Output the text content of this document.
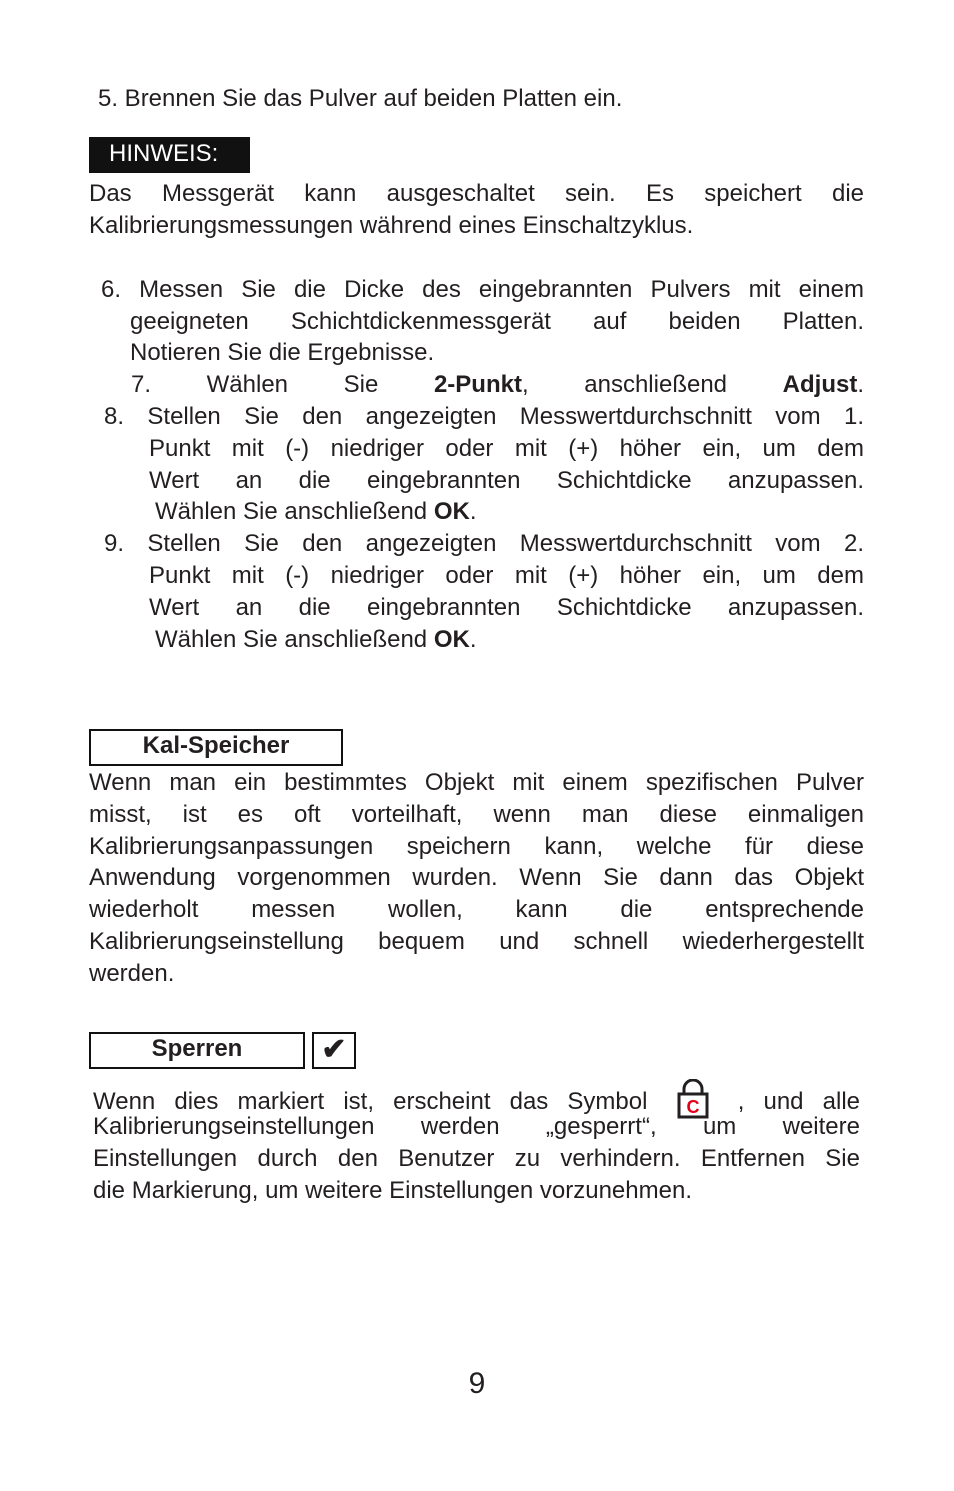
5. Brennen Sie das Pulver auf beiden Platten ein.
HINWEIS:
Das Messgerät kann ausgeschaltet sein. Es speichert die
Kalibrierungsmessungen während eines Einschaltzyklus.
6. Messen Sie die Dicke des eingebrannten Pulvers mit einem
geeigneten Schichtdickenmessgerät auf beiden Platten.
Notieren Sie die Ergebnisse.
7. Wählen Sie 2-Punkt, anschließend Adjust.
8. Stellen Sie den angezeigten Messwertdurchschnitt vom 1.
Punkt mit (-) niedriger oder mit (+) höher ein, um dem
Wert an die eingebrannten Schichtdicke anzupassen.
Wählen Sie anschließend OK.
9. Stellen Sie den angezeigten Messwertdurchschnitt vom 2.
Punkt mit (-) niedriger oder mit (+) höher ein, um dem
Wert an die eingebrannten Schichtdicke anzupassen.
Wählen Sie anschließend OK.
Kal-Speicher
Wenn man ein bestimmtes Objekt mit einem spezifischen Pulver
misst, ist es oft vorteilhaft, wenn man diese einmaligen
Kalibrierungsanpassungen speichern kann, welche für diese
Anwendung vorgenommen wurden. Wenn Sie dann das Objekt
wiederholt messen wollen, kann die entsprechende
Kalibrierungseinstellung bequem und schnell wiederhergestellt
werden.
Sperren	✔
Wenn dies markiert ist, erscheint das Symbol C , und alle
Kalibrierungseinstellungen werden „gesperrt“, um weitere
Einstellungen durch den Benutzer zu verhindern. Entfernen Sie
die Markierung, um weitere Einstellungen vorzunehmen.
9
